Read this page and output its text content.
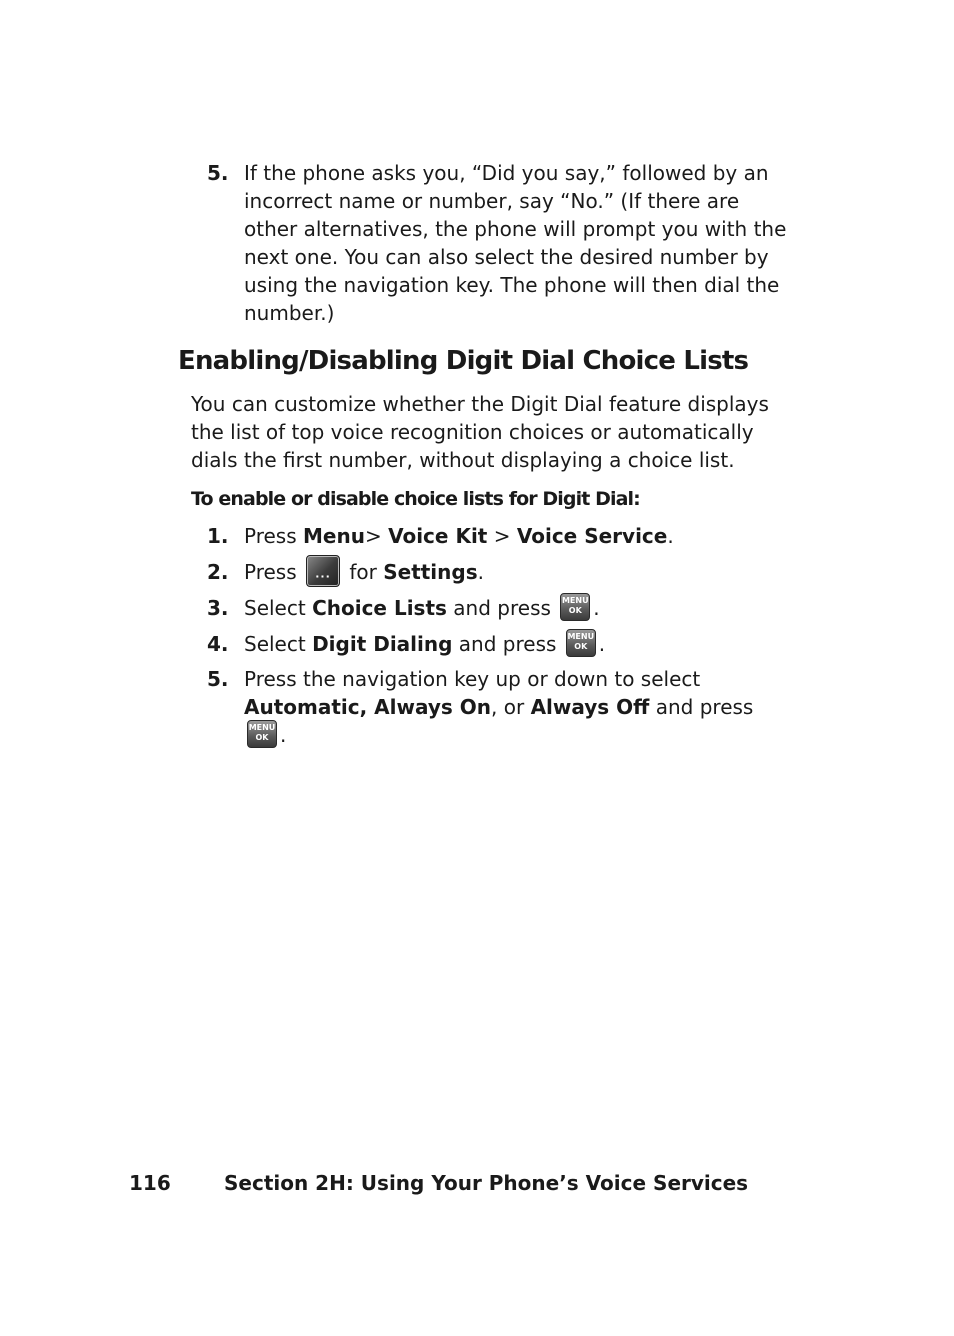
5. If the phone asks you, “Did you say,” followed by an incorrect name or number, say “No.” (If there are other alternatives, the phone will prompt you with the next one. You can also select the desired number by using the navigation key. The phone will then dial the number.)
Enabling/Disabling Digit Dial Choice Lists
You can customize whether the Digit Dial feature displays the list of top voice recognition choices or automatically dials the first number, without displaying a choice list.
To enable or disable choice lists for Digit Dial:
1. Press Menu> Voice Kit > Voice Service.
2. Press	··· for Settings.
3. Select Choice Lists and press MENU
OK .
4. Select Digit Dialing and press MENU
OK .
5. Press the navigation key up or down to select Automatic, Always On, or Always Off and press
MENU
OK .
116	Section 2H: Using Your Phone’s Voice Services
